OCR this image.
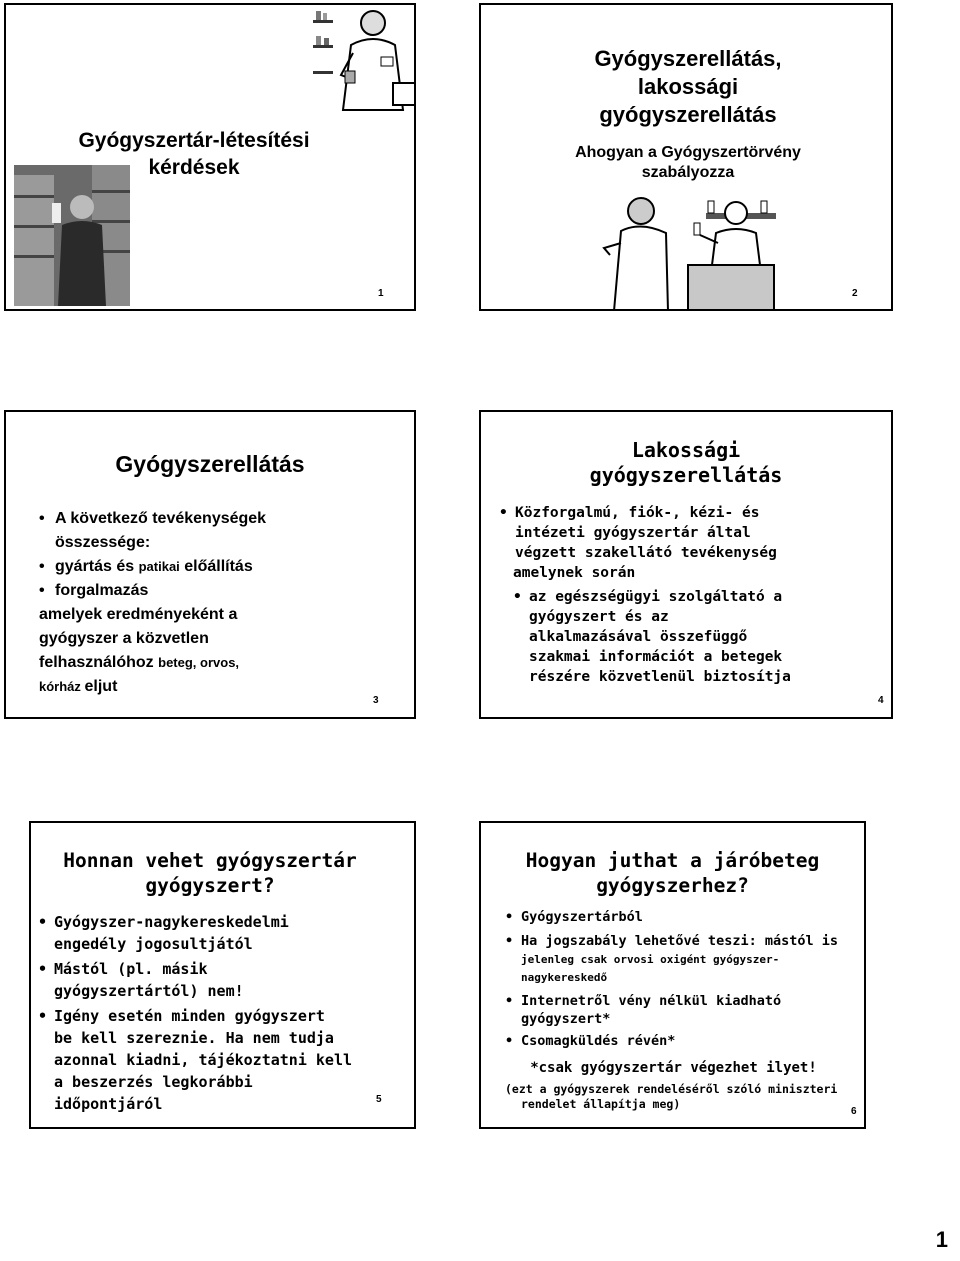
Gyógyszertár-létesítési
kérdések
1
Gyógyszerellátás,
lakossági
gyógyszerellátás
Ahogyan a Gyógyszertörvény
szabályozza
2
Gyógyszerellátás
• A következő tevékenységek
összessége:
• gyártás és patikai előállítás
• forgalmazás
amelyek eredményeként a
gyógyszer a közvetlen
felhasználóhoz beteg, orvos,
kórház eljut
3
Lakossági
gyógyszerellátás
• Közforgalmú, fiók-, kézi- és
intézeti gyógyszertár által
végzett szakellátó tevékenység
amelynek során
• az egészségügyi szolgáltató a
gyógyszert és az
alkalmazásával összefüggő
szakmai információt a betegek
részére közvetlenül biztosítja
4
Honnan vehet gyógyszertár
gyógyszert?
• Gyógyszer-nagykereskedelmi
engedély jogosultjától
• Mástól (pl. másik
gyógyszertártól) nem!
• Igény esetén minden gyógyszert
be kell szereznie. Ha nem tudja
azonnal kiadni, tájékoztatni kell
a beszerzés legkorábbi
időpontjáról	5
Hogyan juthat a járóbeteg
gyógyszerhez?
• Gyógyszertárból
• Ha jogszabály lehetővé teszi: mástól is
jelenleg csak orvosi oxigént gyógyszer-
nagykereskedő
• Internetről vény nélkül kiadható
gyógyszert*
• Csomagküldés révén*
*csak gyógyszertár végezhet ilyet!
(ezt a gyógyszerek rendeléséről szóló miniszteri
rendelet állapítja meg)
6
1
